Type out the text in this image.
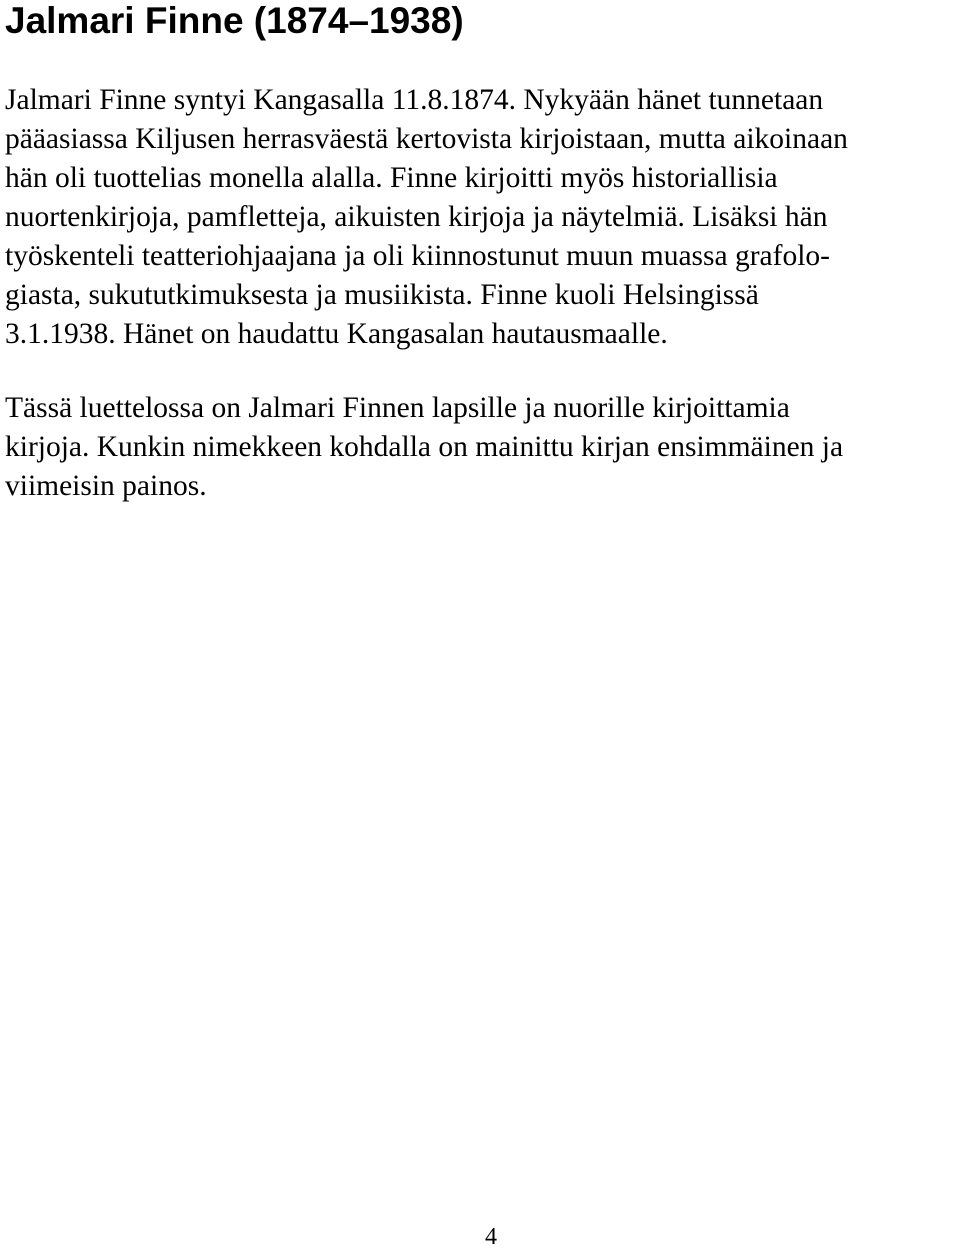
Jalmari Finne (1874–1938)
Jalmari Finne syntyi Kangasalla 11.8.1874. Nykyään hänet tunnetaan
pääasiassa Kiljusen herrasväestä kertovista kirjoistaan, mutta aikoinaan
hän oli tuottelias monella alalla. Finne kirjoitti myös historiallisia
nuortenkirjoja, pamfletteja, aikuisten kirjoja ja näytelmiä. Lisäksi hän
työskenteli teatteriohjaajana ja oli kiinnostunut muun muassa grafolo-
giasta, sukututkimuksesta ja musiikista. Finne kuoli Helsingissä
3.1.1938. Hänet on haudattu Kangasalan hautausmaalle.
Tässä luettelossa on Jalmari Finnen lapsille ja nuorille kirjoittamia
kirjoja. Kunkin nimekkeen kohdalla on mainittu kirjan ensimmäinen ja
viimeisin painos.
4
